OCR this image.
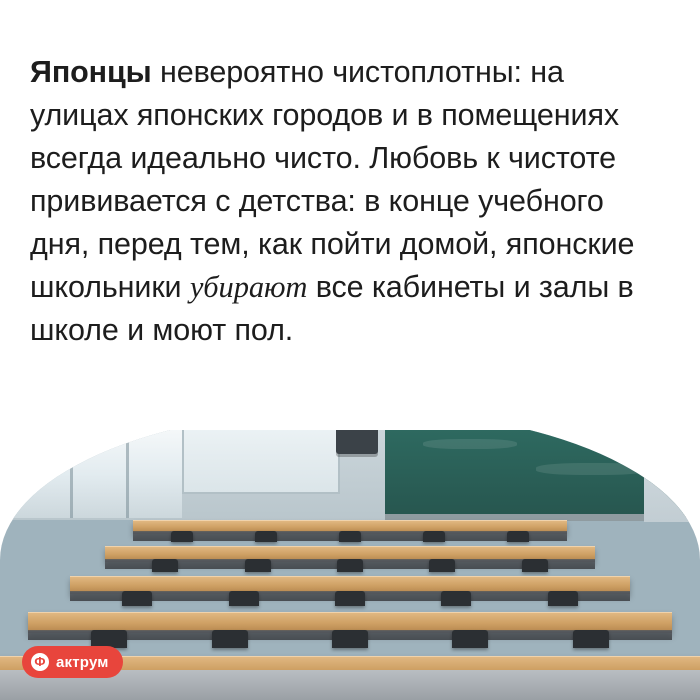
Японцы невероятно чистоплотны: на улицах японских городов и в помещениях всегда идеально чисто. Любовь к чистоте прививается с детства: в конце учебного дня, перед тем, как пойти домой, японские школьники убирают все кабинеты и залы в школе и моют пол.

Ф актрум
